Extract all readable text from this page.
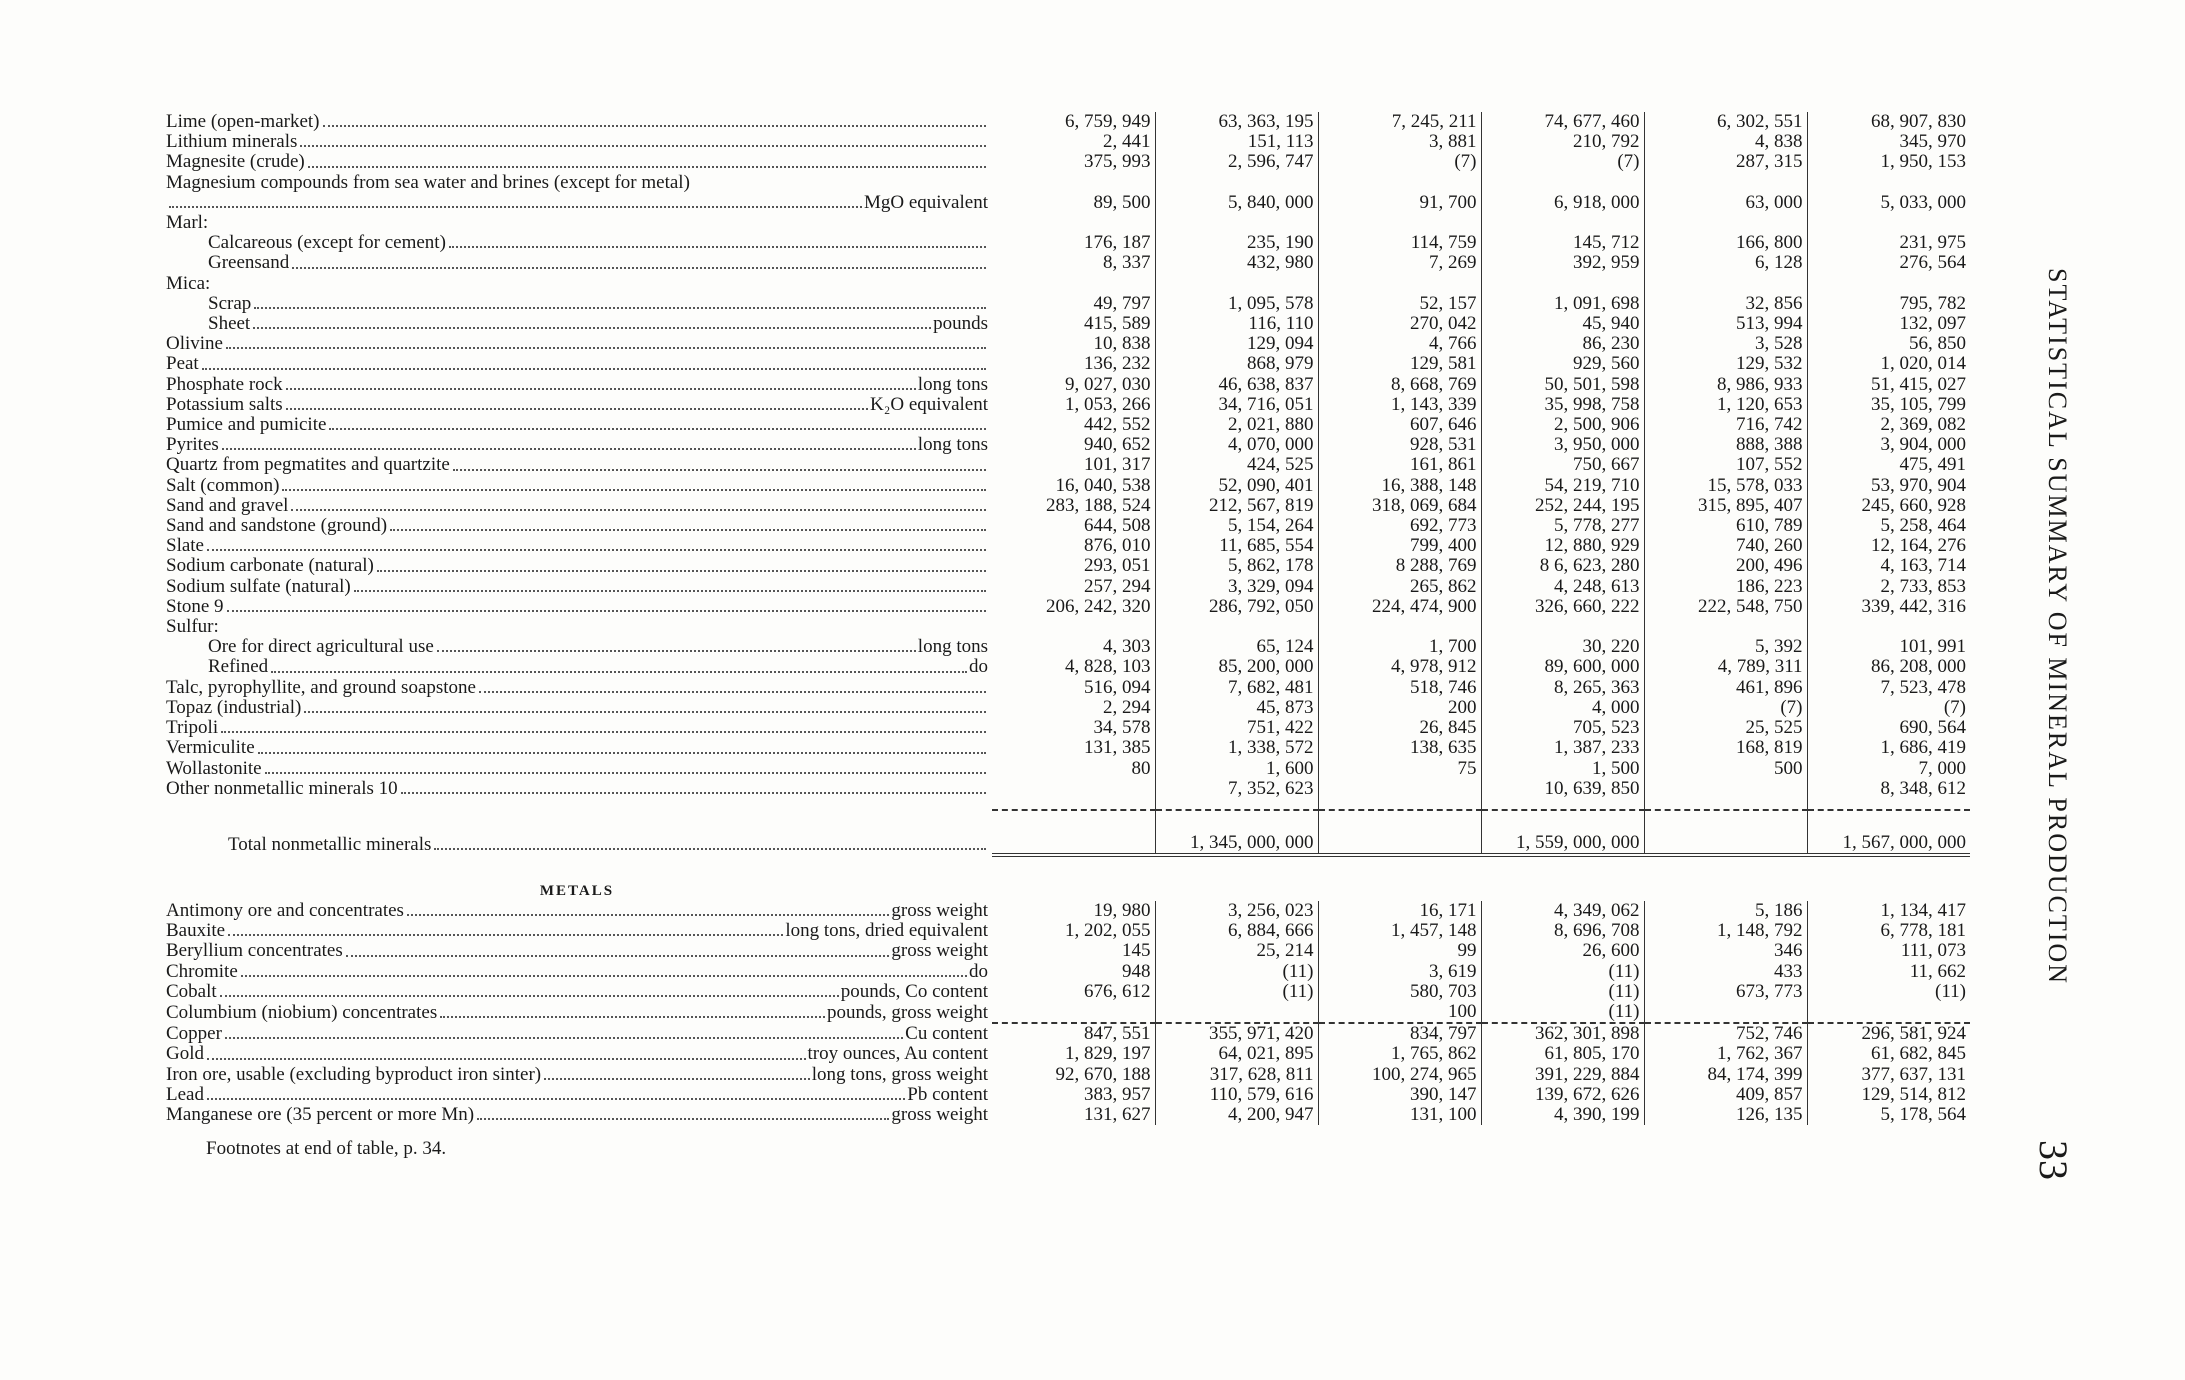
Lime (open-market)	6, 759, 949	63, 363, 195	7, 245, 211	74, 677, 460	6, 302, 551	68, 907, 830

Lithium minerals	2, 441	151, 113	3, 881	210, 792	4, 838	345, 970

Magnesite (crude)	375, 993	2, 596, 747	(7)	(7)	287, 315	1, 950, 153

Magnesium compounds from sea water and brines (except for metal)						

MgO equivalent	89, 500	5, 840, 000	91, 700	6, 918, 000	63, 000	5, 033, 000

Marl:						

Calcareous (except for cement)	176, 187	235, 190	114, 759	145, 712	166, 800	231, 975

Greensand	8, 337	432, 980	7, 269	392, 959	6, 128	276, 564

Mica:						

Scrap	49, 797	1, 095, 578	52, 157	1, 091, 698	32, 856	795, 782

Sheet pounds	415, 589	116, 110	270, 042	45, 940	513, 994	132, 097

Olivine	10, 838	129, 094	4, 766	86, 230	3, 528	56, 850

Peat	136, 232	868, 979	129, 581	929, 560	129, 532	1, 020, 014

Phosphate rock long tons	9, 027, 030	46, 638, 837	8, 668, 769	50, 501, 598	8, 986, 933	51, 415, 027

Potassium salts K₂O equivalent	1, 053, 266	34, 716, 051	1, 143, 339	35, 998, 758	1, 120, 653	35, 105, 799

Pumice and pumicite	442, 552	2, 021, 880	607, 646	2, 500, 906	716, 742	2, 369, 082

Pyrites long tons	940, 652	4, 070, 000	928, 531	3, 950, 000	888, 388	3, 904, 000

Quartz from pegmatites and quartzite	101, 317	424, 525	161, 861	750, 667	107, 552	475, 491

Salt (common)	16, 040, 538	52, 090, 401	16, 388, 148	54, 219, 710	15, 578, 033	53, 970, 904

Sand and gravel	283, 188, 524	212, 567, 819	318, 069, 684	252, 244, 195	315, 895, 407	245, 660, 928

Sand and sandstone (ground)	644, 508	5, 154, 264	692, 773	5, 778, 277	610, 789	5, 258, 464

Slate	876, 010	11, 685, 554	799, 400	12, 880, 929	740, 260	12, 164, 276

Sodium carbonate (natural)	293, 051	5, 862, 178	8 288, 769	8 6, 623, 280	200, 496	4, 163, 714

Sodium sulfate (natural)	257, 294	3, 329, 094	265, 862	4, 248, 613	186, 223	2, 733, 853

Stone 9	206, 242, 320	286, 792, 050	224, 474, 900	326, 660, 222	222, 548, 750	339, 442, 316

Sulfur:						

Ore for direct agricultural use long tons	4, 303	65, 124	1, 700	30, 220	5, 392	101, 991

Refined do	4, 828, 103	85, 200, 000	4, 978, 912	89, 600, 000	4, 789, 311	86, 208, 000

Talc, pyrophyllite, and ground soapstone	516, 094	7, 682, 481	518, 746	8, 265, 363	461, 896	7, 523, 478

Topaz (industrial)	2, 294	45, 873	200	4, 000	(7)	(7)

Tripoli	34, 578	751, 422	26, 845	705, 523	25, 525	690, 564

Vermiculite	131, 385	1, 338, 572	138, 635	1, 387, 233	168, 819	1, 686, 419

Wollastonite	80	1, 600	75	1, 500	500	7, 000

Other nonmetallic minerals 10		7, 352, 623		10, 639, 850		8, 348, 612

Total nonmetallic minerals		1, 345, 000, 000		1, 559, 000, 000		1, 567, 000, 000
METALS						

Antimony ore and concentrates gross weight	19, 980	3, 256, 023	16, 171	4, 349, 062	5, 186	1, 134, 417

Bauxite long tons, dried equivalent	1, 202, 055	6, 884, 666	1, 457, 148	8, 696, 708	1, 148, 792	6, 778, 181

Beryllium concentrates gross weight	145	25, 214	99	26, 600	346	111, 073

Chromite do	948	(11)	3, 619	(11)	433	11, 662

Cobalt pounds, Co content	676, 612	(11)	580, 703	(11)	673, 773	(11)

Columbium (niobium) concentrates pounds, gross weight			100	(11)		

Copper Cu content	847, 551	355, 971, 420	834, 797	362, 301, 898	752, 746	296, 581, 924

Gold troy ounces, Au content	1, 829, 197	64, 021, 895	1, 765, 862	61, 805, 170	1, 762, 367	61, 682, 845

Iron ore, usable (excluding byproduct iron sinter) long tons, gross weight	92, 670, 188	317, 628, 811	100, 274, 965	391, 229, 884	84, 174, 399	377, 637, 131

Lead Pb content	383, 957	110, 579, 616	390, 147	139, 672, 626	409, 857	129, 514, 812

Manganese ore (35 percent or more Mn) gross weight	131, 627	4, 200, 947	131, 100	4, 390, 199	126, 135	5, 178, 564
Footnotes at end of table, p. 34.
STATISTICAL SUMMARY OF MINERAL PRODUCTION
33
